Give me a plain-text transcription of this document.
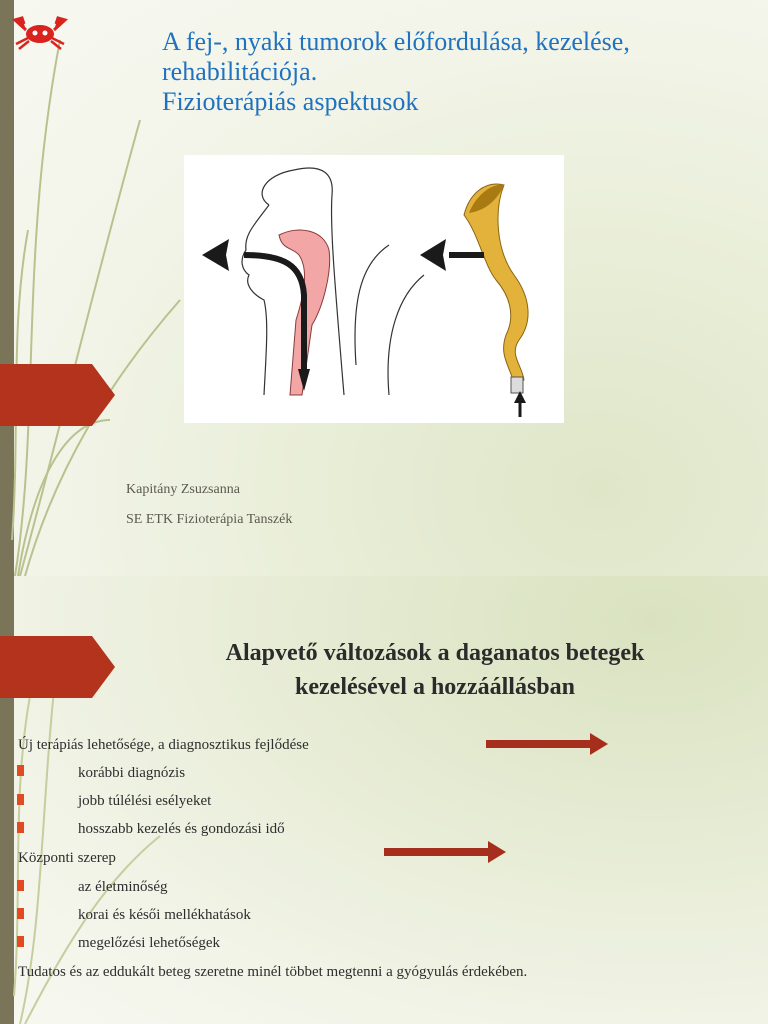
A fej-, nyaki tumorok előfordulása, kezelése,
rehabilitációja.
Fizioterápiás aspektusok
Kapitány Zsuzsanna
SE ETK Fizioterápia Tanszék
Alapvető változások a daganatos betegek
kezelésével a hozzáállásban
Új terápiás lehetősége, a diagnosztikus fejlődése
korábbi diagnózis
jobb túlélési esélyeket
hosszabb kezelés és gondozási idő
Központi szerep
az életminőség
korai és késői mellékhatások
megelőzési lehetőségek
Tudatos és az eddukált beteg szeretne minél többet megtenni a gyógyulás érdekében.
